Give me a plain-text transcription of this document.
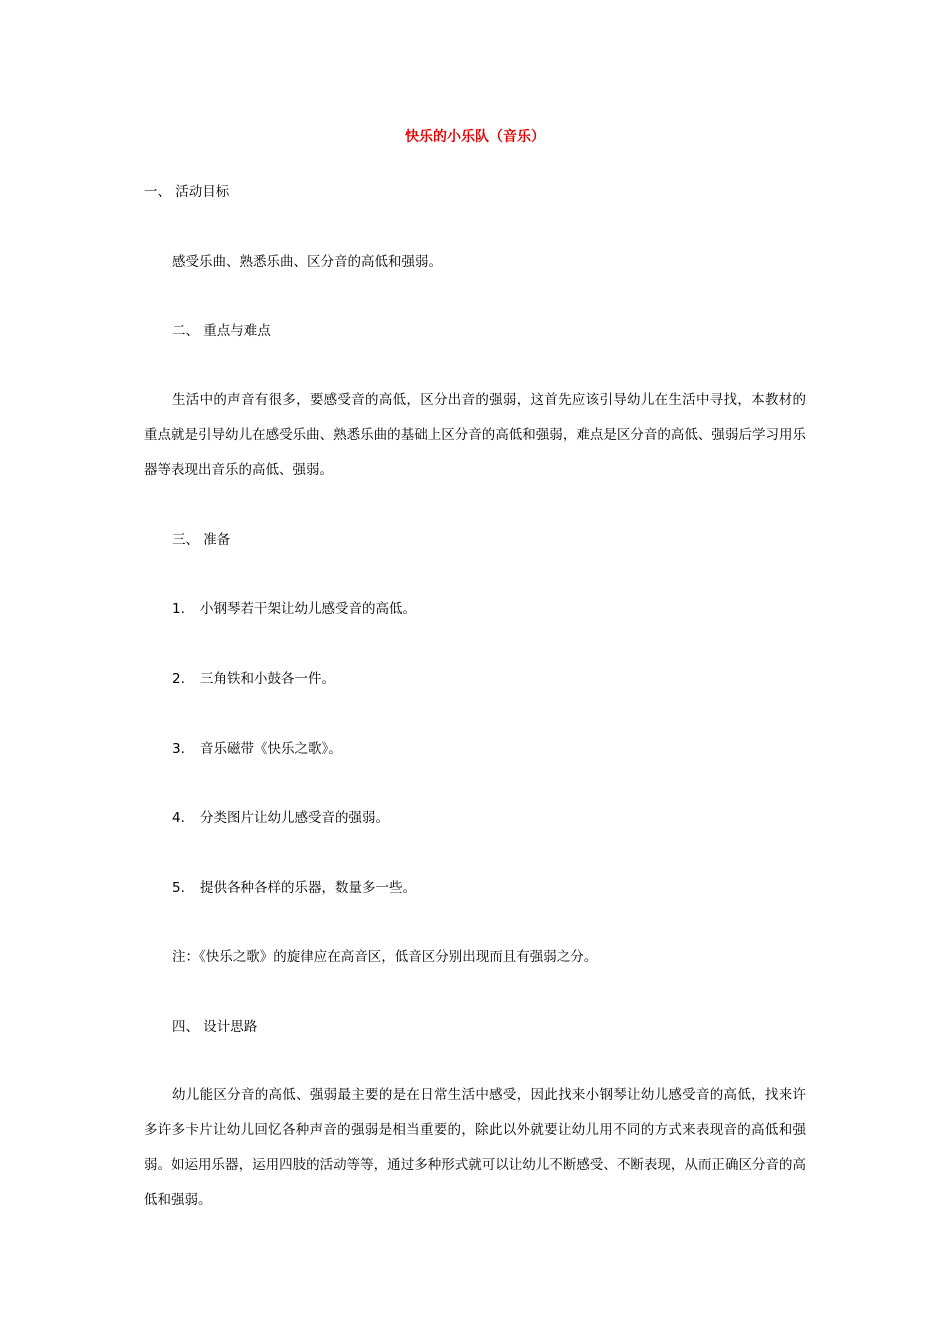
快乐的小乐队（音乐）
一、 活动目标
感受乐曲、熟悉乐曲、区分音的高低和强弱。
二、 重点与难点
生活中的声音有很多，要感受音的高低，区分出音的强弱，这首先应该引导幼儿在生活中寻找，本教材的重点就是引导幼儿在感受乐曲、熟悉乐曲的基础上区分音的高低和强弱，难点是区分音的高低、强弱后学习用乐器等表现出音乐的高低、强弱。
三、 准备
1. 小钢琴若干架让幼儿感受音的高低。
2. 三角铁和小鼓各一件。
3. 音乐磁带《快乐之歌》。
4. 分类图片让幼儿感受音的强弱。
5. 提供各种各样的乐器，数量多一些。
注：《快乐之歌》的旋律应在高音区，低音区分别出现而且有强弱之分。
四、 设计思路
幼儿能区分音的高低、强弱最主要的是在日常生活中感受，因此找来小钢琴让幼儿感受音的高低，找来许多许多卡片让幼儿回忆各种声音的强弱是相当重要的，除此以外就要让幼儿用不同的方式来表现音的高低和强弱。如运用乐器，运用四肢的活动等等，通过多种形式就可以让幼儿不断感受、不断表现，从而正确区分音的高低和强弱。
